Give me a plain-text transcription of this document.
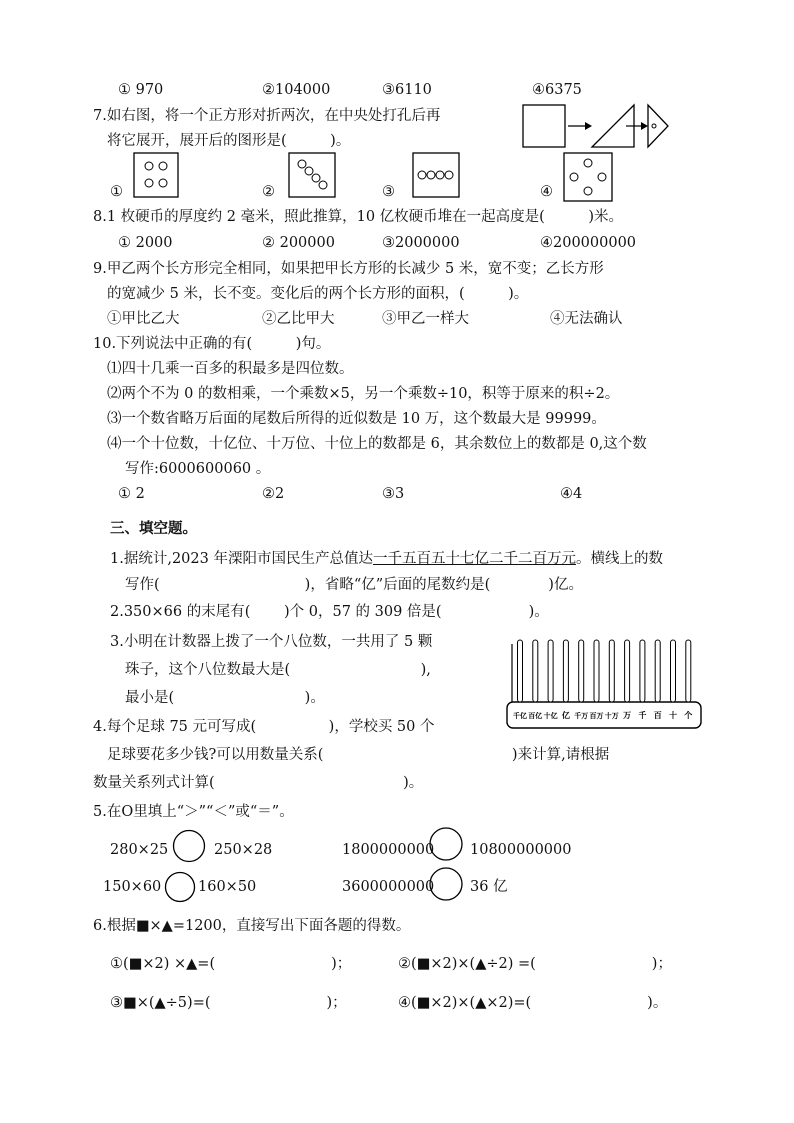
① 970	②104000	③6110	④6375
7.如右图，将一个正方形对折两次，在中央处打孔后再
将它展开，展开后的图形是(　　　)。
①	②	③	④
8.1 枚硬币的厚度约 2 毫米，照此推算，10 亿枚硬币堆在一起高度是(　　　)米。
① 2000	② 200000	③2000000	④200000000
9.甲乙两个长方形完全相同，如果把甲长方形的长减少 5 米，宽不变；乙长方形
的宽减少 5 米，长不变。变化后的两个长方形的面积，(　　　)。
①甲比乙大	②乙比甲大	③甲乙一样大	④无法确认
10.下列说法中正确的有(　　　)句。
⑴四十几乘一百多的积最多是四位数。
⑵两个不为 0 的数相乘，一个乘数×5，另一个乘数÷10，积等于原来的积÷2。
⑶一个数省略万后面的尾数后所得的近似数是 10 万，这个数最大是 99999。
⑷一个十位数，十亿位、十万位、十位上的数都是 6，其余数位上的数都是 0,这个数
写作:6000600060 。
① 2	②2	③3	④4
三、填空题。
1.据统计,2023 年溧阳市国民生产总值达一千五百五十七亿二千二百万元。横线上的数
写作(　　　　　　　　　　)，省略“亿”后面的尾数约是(　　　　)亿。
2.350×66 的末尾有(　　 )个 0，57 的 309 倍是(　　　　　　)。
3.小明在计数器上拨了一个八位数，一共用了 5 颗
珠子，这个八位数最大是(　　　　　　　　　),
最小是(　　　　　　　　　)。
千亿 百亿 十亿 亿 千万 百万 十万 万 千 百 十 个
4.每个足球 75 元可写成(　　　　　)，学校买 50 个
足球要花多少钱?可以用数量关系(　　　　　　　　　　　　　)来计算,请根据
数量关系列式计算(　　　　　　　　　　　　　)。
5.在O里填上“＞”“＜”或“＝”。
280×25	250×28	1800000000 10800000000
150×60	160×50	3600000000 36 亿
6.根据■×▲=1200，直接写出下面各题的得数。
①(■×2) ×▲=(　　　　　　　　)；	②(■×2)×(▲÷2) =(　　　　　　　　)；
③■×(▲÷5)=(　　　　　　　　)；	④(■×2)×(▲×2)=(　　　　　　　　)。
